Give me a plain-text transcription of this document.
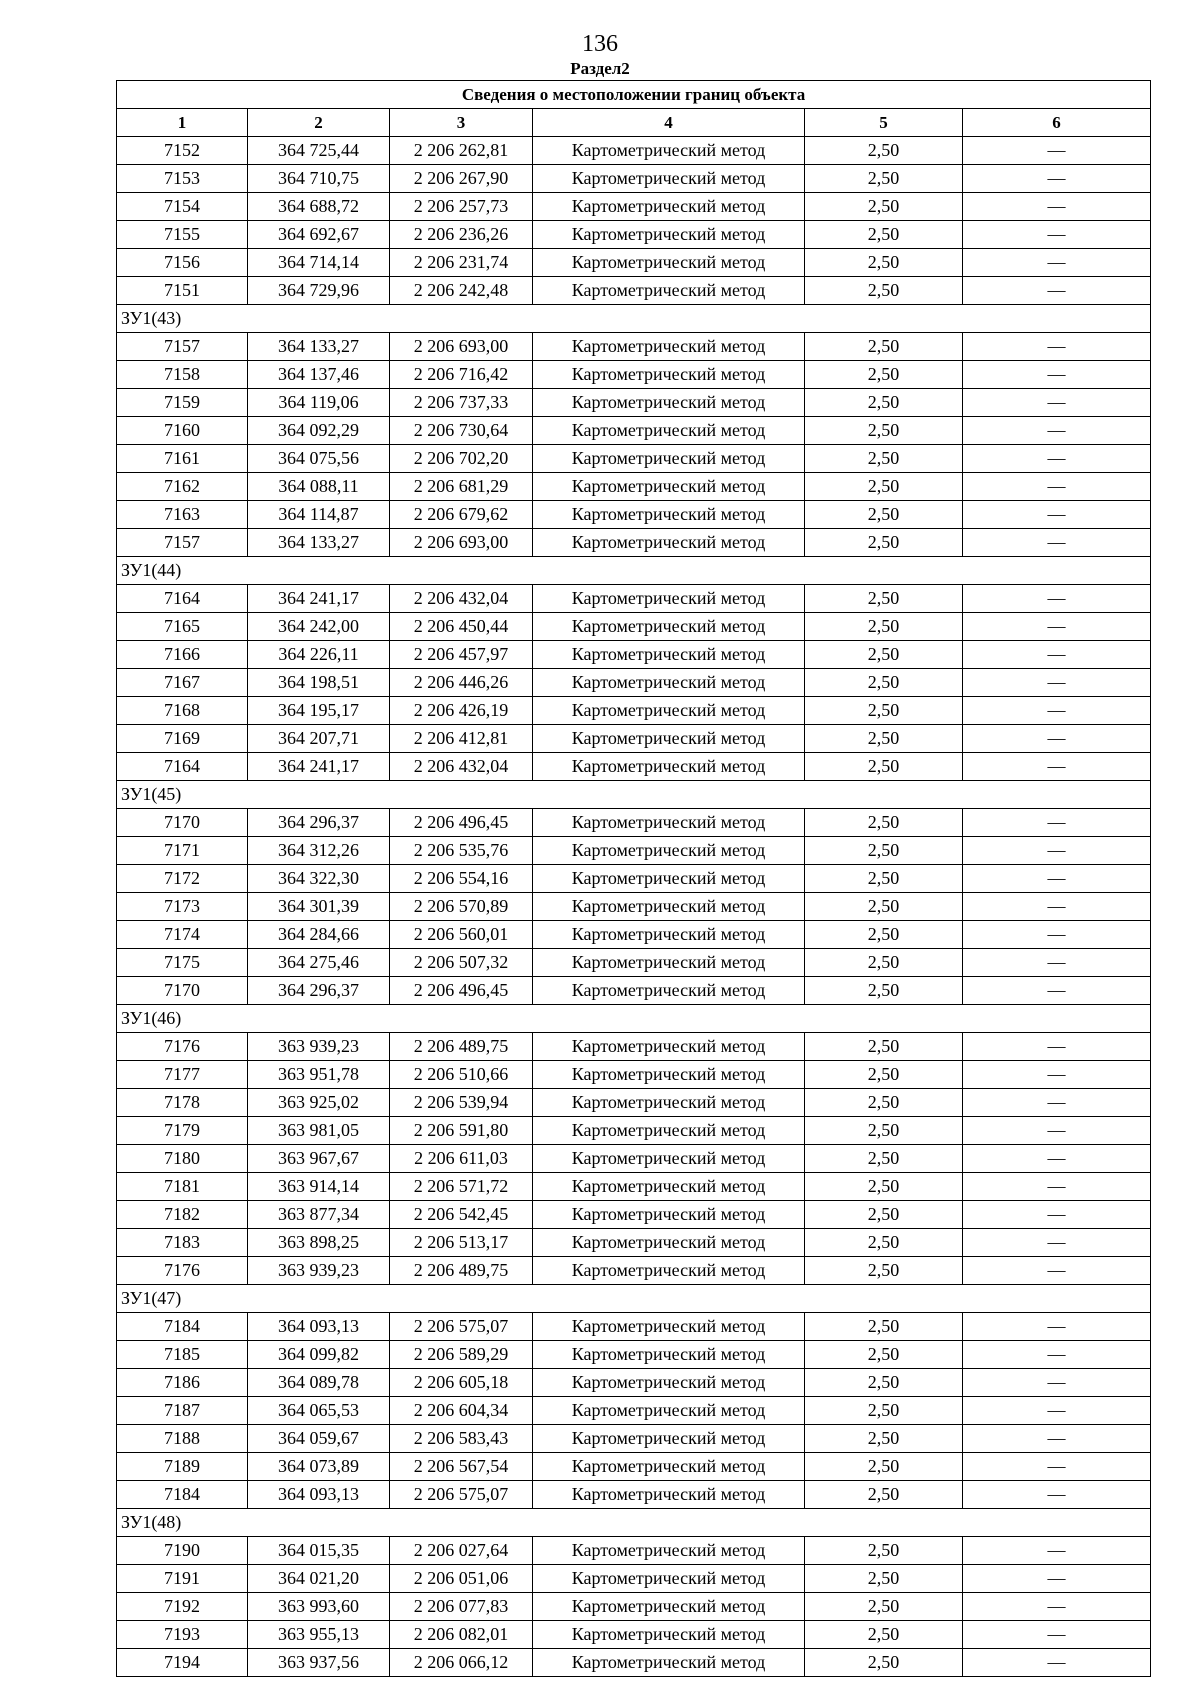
136
Раздел2
Сведения о местоположении границ объекта					
1	2	3	4	5	6
7152	364 725,44	2 206 262,81	Картометрический метод	2,50	—
7153	364 710,75	2 206 267,90	Картометрический метод	2,50	—
7154	364 688,72	2 206 257,73	Картометрический метод	2,50	—
7155	364 692,67	2 206 236,26	Картометрический метод	2,50	—
7156	364 714,14	2 206 231,74	Картометрический метод	2,50	—
7151	364 729,96	2 206 242,48	Картометрический метод	2,50	—
ЗУ1(43)					
7157	364 133,27	2 206 693,00	Картометрический метод	2,50	—
7158	364 137,46	2 206 716,42	Картометрический метод	2,50	—
7159	364 119,06	2 206 737,33	Картометрический метод	2,50	—
7160	364 092,29	2 206 730,64	Картометрический метод	2,50	—
7161	364 075,56	2 206 702,20	Картометрический метод	2,50	—
7162	364 088,11	2 206 681,29	Картометрический метод	2,50	—
7163	364 114,87	2 206 679,62	Картометрический метод	2,50	—
7157	364 133,27	2 206 693,00	Картометрический метод	2,50	—
ЗУ1(44)					
7164	364 241,17	2 206 432,04	Картометрический метод	2,50	—
7165	364 242,00	2 206 450,44	Картометрический метод	2,50	—
7166	364 226,11	2 206 457,97	Картометрический метод	2,50	—
7167	364 198,51	2 206 446,26	Картометрический метод	2,50	—
7168	364 195,17	2 206 426,19	Картометрический метод	2,50	—
7169	364 207,71	2 206 412,81	Картометрический метод	2,50	—
7164	364 241,17	2 206 432,04	Картометрический метод	2,50	—
ЗУ1(45)					
7170	364 296,37	2 206 496,45	Картометрический метод	2,50	—
7171	364 312,26	2 206 535,76	Картометрический метод	2,50	—
7172	364 322,30	2 206 554,16	Картометрический метод	2,50	—
7173	364 301,39	2 206 570,89	Картометрический метод	2,50	—
7174	364 284,66	2 206 560,01	Картометрический метод	2,50	—
7175	364 275,46	2 206 507,32	Картометрический метод	2,50	—
7170	364 296,37	2 206 496,45	Картометрический метод	2,50	—
ЗУ1(46)					
7176	363 939,23	2 206 489,75	Картометрический метод	2,50	—
7177	363 951,78	2 206 510,66	Картометрический метод	2,50	—
7178	363 925,02	2 206 539,94	Картометрический метод	2,50	—
7179	363 981,05	2 206 591,80	Картометрический метод	2,50	—
7180	363 967,67	2 206 611,03	Картометрический метод	2,50	—
7181	363 914,14	2 206 571,72	Картометрический метод	2,50	—
7182	363 877,34	2 206 542,45	Картометрический метод	2,50	—
7183	363 898,25	2 206 513,17	Картометрический метод	2,50	—
7176	363 939,23	2 206 489,75	Картометрический метод	2,50	—
ЗУ1(47)					
7184	364 093,13	2 206 575,07	Картометрический метод	2,50	—
7185	364 099,82	2 206 589,29	Картометрический метод	2,50	—
7186	364 089,78	2 206 605,18	Картометрический метод	2,50	—
7187	364 065,53	2 206 604,34	Картометрический метод	2,50	—
7188	364 059,67	2 206 583,43	Картометрический метод	2,50	—
7189	364 073,89	2 206 567,54	Картометрический метод	2,50	—
7184	364 093,13	2 206 575,07	Картометрический метод	2,50	—
ЗУ1(48)					
7190	364 015,35	2 206 027,64	Картометрический метод	2,50	—
7191	364 021,20	2 206 051,06	Картометрический метод	2,50	—
7192	363 993,60	2 206 077,83	Картометрический метод	2,50	—
7193	363 955,13	2 206 082,01	Картометрический метод	2,50	—
7194	363 937,56	2 206 066,12	Картометрический метод	2,50	—
